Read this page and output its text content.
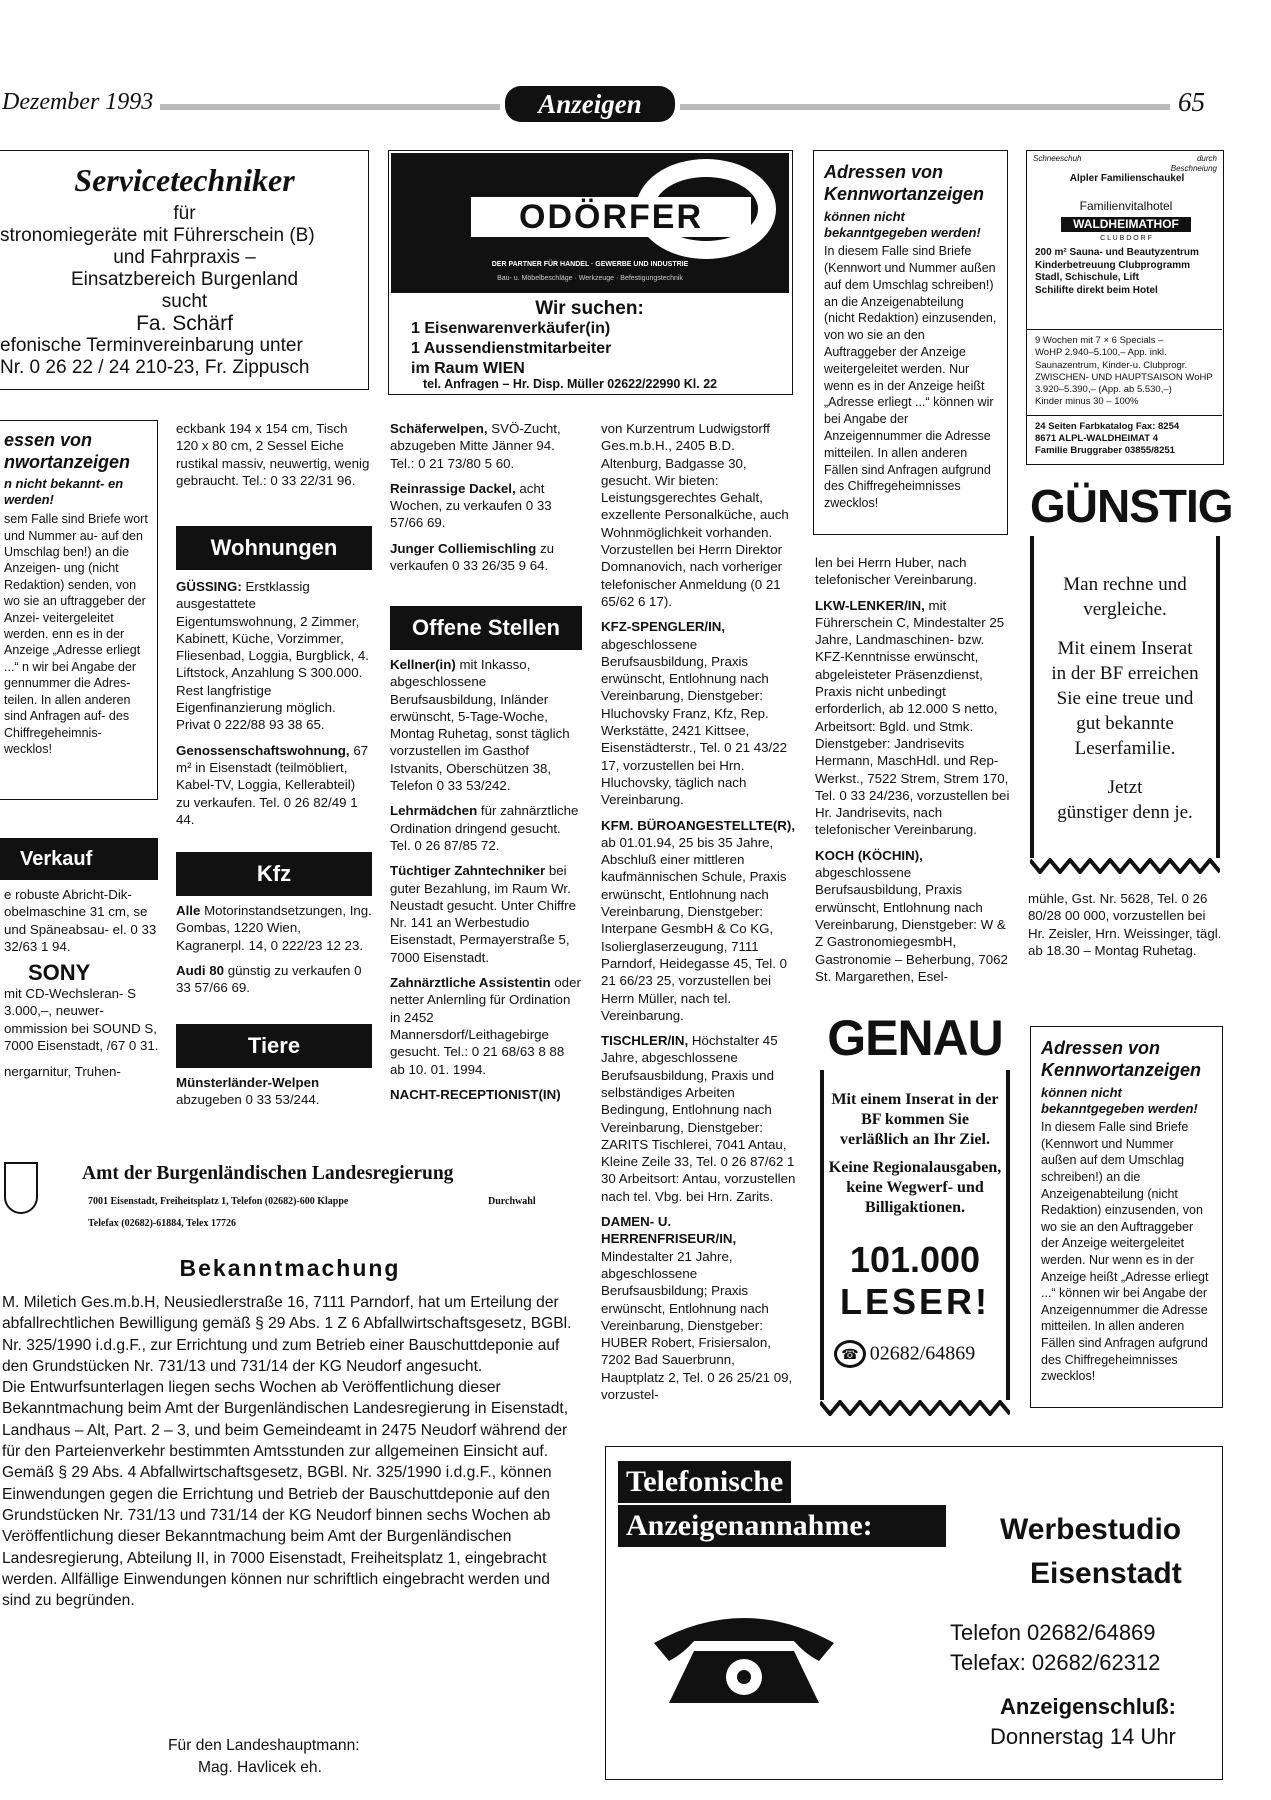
Dezember 1993	Anzeigen	65
Servicetechniker
für
stronomiegeräte mit Führerschein (B)
und Fahrpraxis –
Einsatzbereich Burgenland
sucht
Fa. Schärf
efonische Terminvereinbarung unter
Nr. 0 26 22 / 24 210-23, Fr. Zippusch
ODÖRFER
DER PARTNER FÜR HANDEL · GEWERBE UND INDUSTRIE
Bau- u. Möbelbeschläge · Werkzeuge · Befestigungstechnik
Wir suchen:
1 Eisenwarenverkäufer(in)
1 Aussendienstmitarbeiter
im Raum WIEN
tel. Anfragen – Hr. Disp. Müller 02622/22990 Kl. 22
Adressen von Kennwortanzeigen
können nicht bekanntgegeben werden!
In diesem Falle sind Briefe (Kennwort und Nummer außen auf dem Umschlag schreiben!) an die Anzeigenabteilung (nicht Redaktion) einzusenden, von wo sie an den Auftraggeber der Anzeige weitergeleitet werden. Nur wenn es in der Anzeige heißt „Adresse erliegt ...“ können wir bei Angabe der Anzeigennummer die Adresse mitteilen. In allen anderen Fällen sind Anfragen aufgrund des Chiffregeheimnisses zwecklos!
Schneeschuh	durch Beschneiung
Alpler Familienschaukel
Familienvitalhotel
WALDHEIMATHOF
C L U B D O R F
200 m² Sauna- und Beautyzentrum
Kinderbetreuung Clubprogramm
Stadl, Schischule, Lift
Schilifte direkt beim Hotel
9 Wochen mit 7 × 6 Specials –
WoHP 2.940–5.100,– App. inkl.
Saunazentrum, Kinder-u. Clubprogr.
ZWISCHEN- UND HAUPTSAISON WoHP
3.920–5.390,– (App. ab 5.530,–)
Kinder minus 30 – 100%
24 Seiten Farbkatalog Fax: 8254
8671 ALPL-WALDHEIMAT 4
Familie Bruggraber 03855/8251
GÜNSTIG
Man rechne und
vergleiche.
Mit einem Inserat
in der BF erreichen
Sie eine treue und
gut bekannte
Leserfamilie.
Jetzt
günstiger denn je.
essen von nwortanzeigen
n nicht bekannt- en werden!
sem Falle sind Briefe wort und Nummer au- auf den Umschlag ben!) an die Anzeigen- ung (nicht Redaktion) senden, von wo sie an uftraggeber der Anzei- veitergeleitet werden. enn es in der Anzeige „Adresse erliegt ...“ n wir bei Angabe der gennummer die Adres- teilen. In allen anderen sind Anfragen auf- des Chiffregeheimnis- wecklos!
Verkauf

e robuste Abricht-Dik- obelmaschine 31 cm, se und Späneabsau- el. 0 33 32/63 1 94.

SONY

mit CD-Wechsleran- S 3.000,–, neuwer- ommission bei SOUND S, 7000 Eisenstadt, /67 0 31.

nergarnitur, Truhen-

eckbank 194 x 154 cm, Tisch 120 x 80 cm, 2 Sessel Eiche rustikal massiv, neuwertig, wenig gebraucht. Tel.: 0 33 22/31 96.

Wohnungen

GÜSSING: Erstklassig ausgestattete Eigentumswohnung, 2 Zimmer, Kabinett, Küche, Vorzimmer, Fliesenbad, Loggia, Burgblick, 4. Liftstock, Anzahlung S 300.000. Rest langfristige Eigenfinanzierung möglich. Privat 0 222/88 93 38 65.

Genossenschaftswohnung, 67 m² in Eisenstadt (teilmöbliert, Kabel-TV, Loggia, Kellerabteil) zu verkaufen. Tel. 0 26 82/49 1 44.

Kfz

Alle Motorinstandsetzungen, Ing. Gombas, 1220 Wien, Kagranerpl. 14, 0 222/23 12 23.

Audi 80 günstig zu verkaufen 0 33 57/66 69.

Tiere

Münsterländer-Welpen abzugeben 0 33 53/244.

Schäferwelpen, SVÖ-Zucht, abzugeben Mitte Jänner 94. Tel.: 0 21 73/80 5 60.

Reinrassige Dackel, acht Wochen, zu verkaufen 0 33 57/66 69.

Junger Colliemischling zu verkaufen 0 33 26/35 9 64.

Offene Stellen

Kellner(in) mit Inkasso, abgeschlossene Berufsausbildung, Inländer erwünscht, 5-Tage-Woche, Montag Ruhetag, sonst täglich vorzustellen im Gasthof Istvanits, Oberschützen 38, Telefon 0 33 53/242.

Lehrmädchen für zahnärztliche Ordination dringend gesucht. Tel. 0 26 87/85 72.

Tüchtiger Zahntechniker bei guter Bezahlung, im Raum Wr. Neustadt gesucht. Unter Chiffre Nr. 141 an Werbestudio Eisenstadt, Permayerstraße 5, 7000 Eisenstadt.

Zahnärztliche Assistentin oder netter Anlernling für Ordination in 2452 Mannersdorf/Leithagebirge gesucht. Tel.: 0 21 68/63 8 88 ab 10. 01. 1994.

NACHT-RECEPTIONIST(IN)

von Kurzentrum Ludwigstorff Ges.m.b.H., 2405 B.D. Altenburg, Badgasse 30, gesucht. Wir bieten: Leistungsgerechtes Gehalt, exzellente Personalküche, auch Wohnmöglichkeit vorhanden. Vorzustellen bei Herrn Direktor Domnanovich, nach vorheriger telefonischer Anmeldung (0 21 65/62 6 17).

KFZ-SPENGLER/IN, abgeschlossene Berufsausbildung, Praxis erwünscht, Entlohnung nach Vereinbarung, Dienstgeber: Hluchovsky Franz, Kfz, Rep. Werkstätte, 2421 Kittsee, Eisenstädterstr., Tel. 0 21 43/22 17, vorzustellen bei Hrn. Hluchovsky, täglich nach Vereinbarung.

KFM. BÜROANGESTELLTE(R), ab 01.01.94, 25 bis 35 Jahre, Abschluß einer mittleren kaufmännischen Schule, Praxis erwünscht, Entlohnung nach Vereinbarung, Dienstgeber: Interpane GesmbH & Co KG, Isolierglaserzeugung, 7111 Parndorf, Heidegasse 45, Tel. 0 21 66/23 25, vorzustellen bei Herrn Müller, nach tel. Vereinbarung.

TISCHLER/IN, Höchstalter 45 Jahre, abgeschlossene Berufsausbildung, Praxis und selbständiges Arbeiten Bedingung, Entlohnung nach Vereinbarung, Dienstgeber: ZARITS Tischlerei, 7041 Antau, Kleine Zeile 33, Tel. 0 26 87/62 1 30 Arbeitsort: Antau, vorzustellen nach tel. Vbg. bei Hrn. Zarits.

DAMEN- U. HERRENFRISEUR/IN, Mindestalter 21 Jahre, abgeschlossene Berufsausbildung; Praxis erwünscht, Entlohnung nach Vereinbarung, Dienstgeber: HUBER Robert, Frisiersalon, 7202 Bad Sauerbrunn, Hauptplatz 2, Tel. 0 26 25/21 09, vorzustel-

len bei Herrn Huber, nach telefonischer Vereinbarung.

LKW-LENKER/IN, mit Führerschein C, Mindestalter 25 Jahre, Landmaschinen- bzw. KFZ-Kenntnisse erwünscht, abgeleisteter Präsenzdienst, Praxis nicht unbedingt erforderlich, ab 12.000 S netto, Arbeitsort: Bgld. und Stmk. Dienstgeber: Jandrisevits Hermann, MaschHdl. und Rep-Werkst., 7522 Strem, Strem 170, Tel. 0 33 24/236, vorzustellen bei Hr. Jandrisevits, nach telefonischer Vereinbarung.

KOCH (KÖCHIN), abgeschlossene Berufsausbildung, Praxis erwünscht, Entlohnung nach Vereinbarung, Dienstgeber: W & Z GastronomiegesmbH, Gastronomie – Beherbung, 7062 St. Margarethen, Esel-

mühle, Gst. Nr. 5628, Tel. 0 26 80/28 00 000, vorzustellen bei Hr. Zeisler, Hrn. Weissinger, tägl. ab 18.30 – Montag Ruhetag.

GENAU
Mit einem Inserat in der BF kommen Sie verläßlich an Ihr Ziel.
Keine Regionalausgaben, keine Wegwerf- und Billigaktionen.
101.000
LESER!
☎ 02682/64869
Adressen von Kennwortanzeigen
können nicht bekanntgegeben werden!
In diesem Falle sind Briefe (Kennwort und Nummer außen auf dem Umschlag schreiben!) an die Anzeigenabteilung (nicht Redaktion) einzusenden, von wo sie an den Auftraggeber der Anzeige weitergeleitet werden. Nur wenn es in der Anzeige heißt „Adresse erliegt ...“ können wir bei Angabe der Anzeigennummer die Adresse mitteilen. In allen anderen Fällen sind Anfragen aufgrund des Chiffregeheimnisses zwecklos!
Amt der Burgenländischen Landesregierung
7001 Eisenstadt, Freiheitsplatz 1, Telefon (02682)-600 Klappe	Durchwahl
Telefax (02682)-61884, Telex 17726
Bekanntmachung

M. Miletich Ges.m.b.H, Neusiedlerstraße 16, 7111 Parndorf, hat um Erteilung der abfallrechtlichen Bewilligung gemäß § 29 Abs. 1 Z 6 Abfallwirtschaftsgesetz, BGBl. Nr. 325/1990 i.d.g.F., zur Errichtung und zum Betrieb einer Bauschuttdeponie auf den Grundstücken Nr. 731/13 und 731/14 der KG Neudorf angesucht.

Die Entwurfsunterlagen liegen sechs Wochen ab Veröffentlichung dieser Bekanntmachung beim Amt der Burgenländischen Landesregierung in Eisenstadt, Landhaus – Alt, Part. 2 – 3, und beim Gemeindeamt in 2475 Neudorf während der für den Parteienverkehr bestimmten Amtsstunden zur allgemeinen Einsicht auf.

Gemäß § 29 Abs. 4 Abfallwirtschaftsgesetz, BGBl. Nr. 325/1990 i.d.g.F., können Einwendungen gegen die Errichtung und Betrieb der Bauschuttdeponie auf den Grundstücken Nr. 731/13 und 731/14 der KG Neudorf binnen sechs Wochen ab Veröffentlichung dieser Bekanntmachung beim Amt der Burgenländischen Landesregierung, Abteilung II, in 7000 Eisenstadt, Freiheitsplatz 1, eingebracht werden. Allfällige Einwendungen können nur schriftlich eingebracht werden und sind zu begründen.

Für den Landeshauptmann:
Mag. Havlicek eh.
Telefonische
Anzeigenannahme:	Werbestudio
Eisenstadt
Telefon 02682/64869
Telefax: 02682/62312
Anzeigenschluß:
Donnerstag 14 Uhr
